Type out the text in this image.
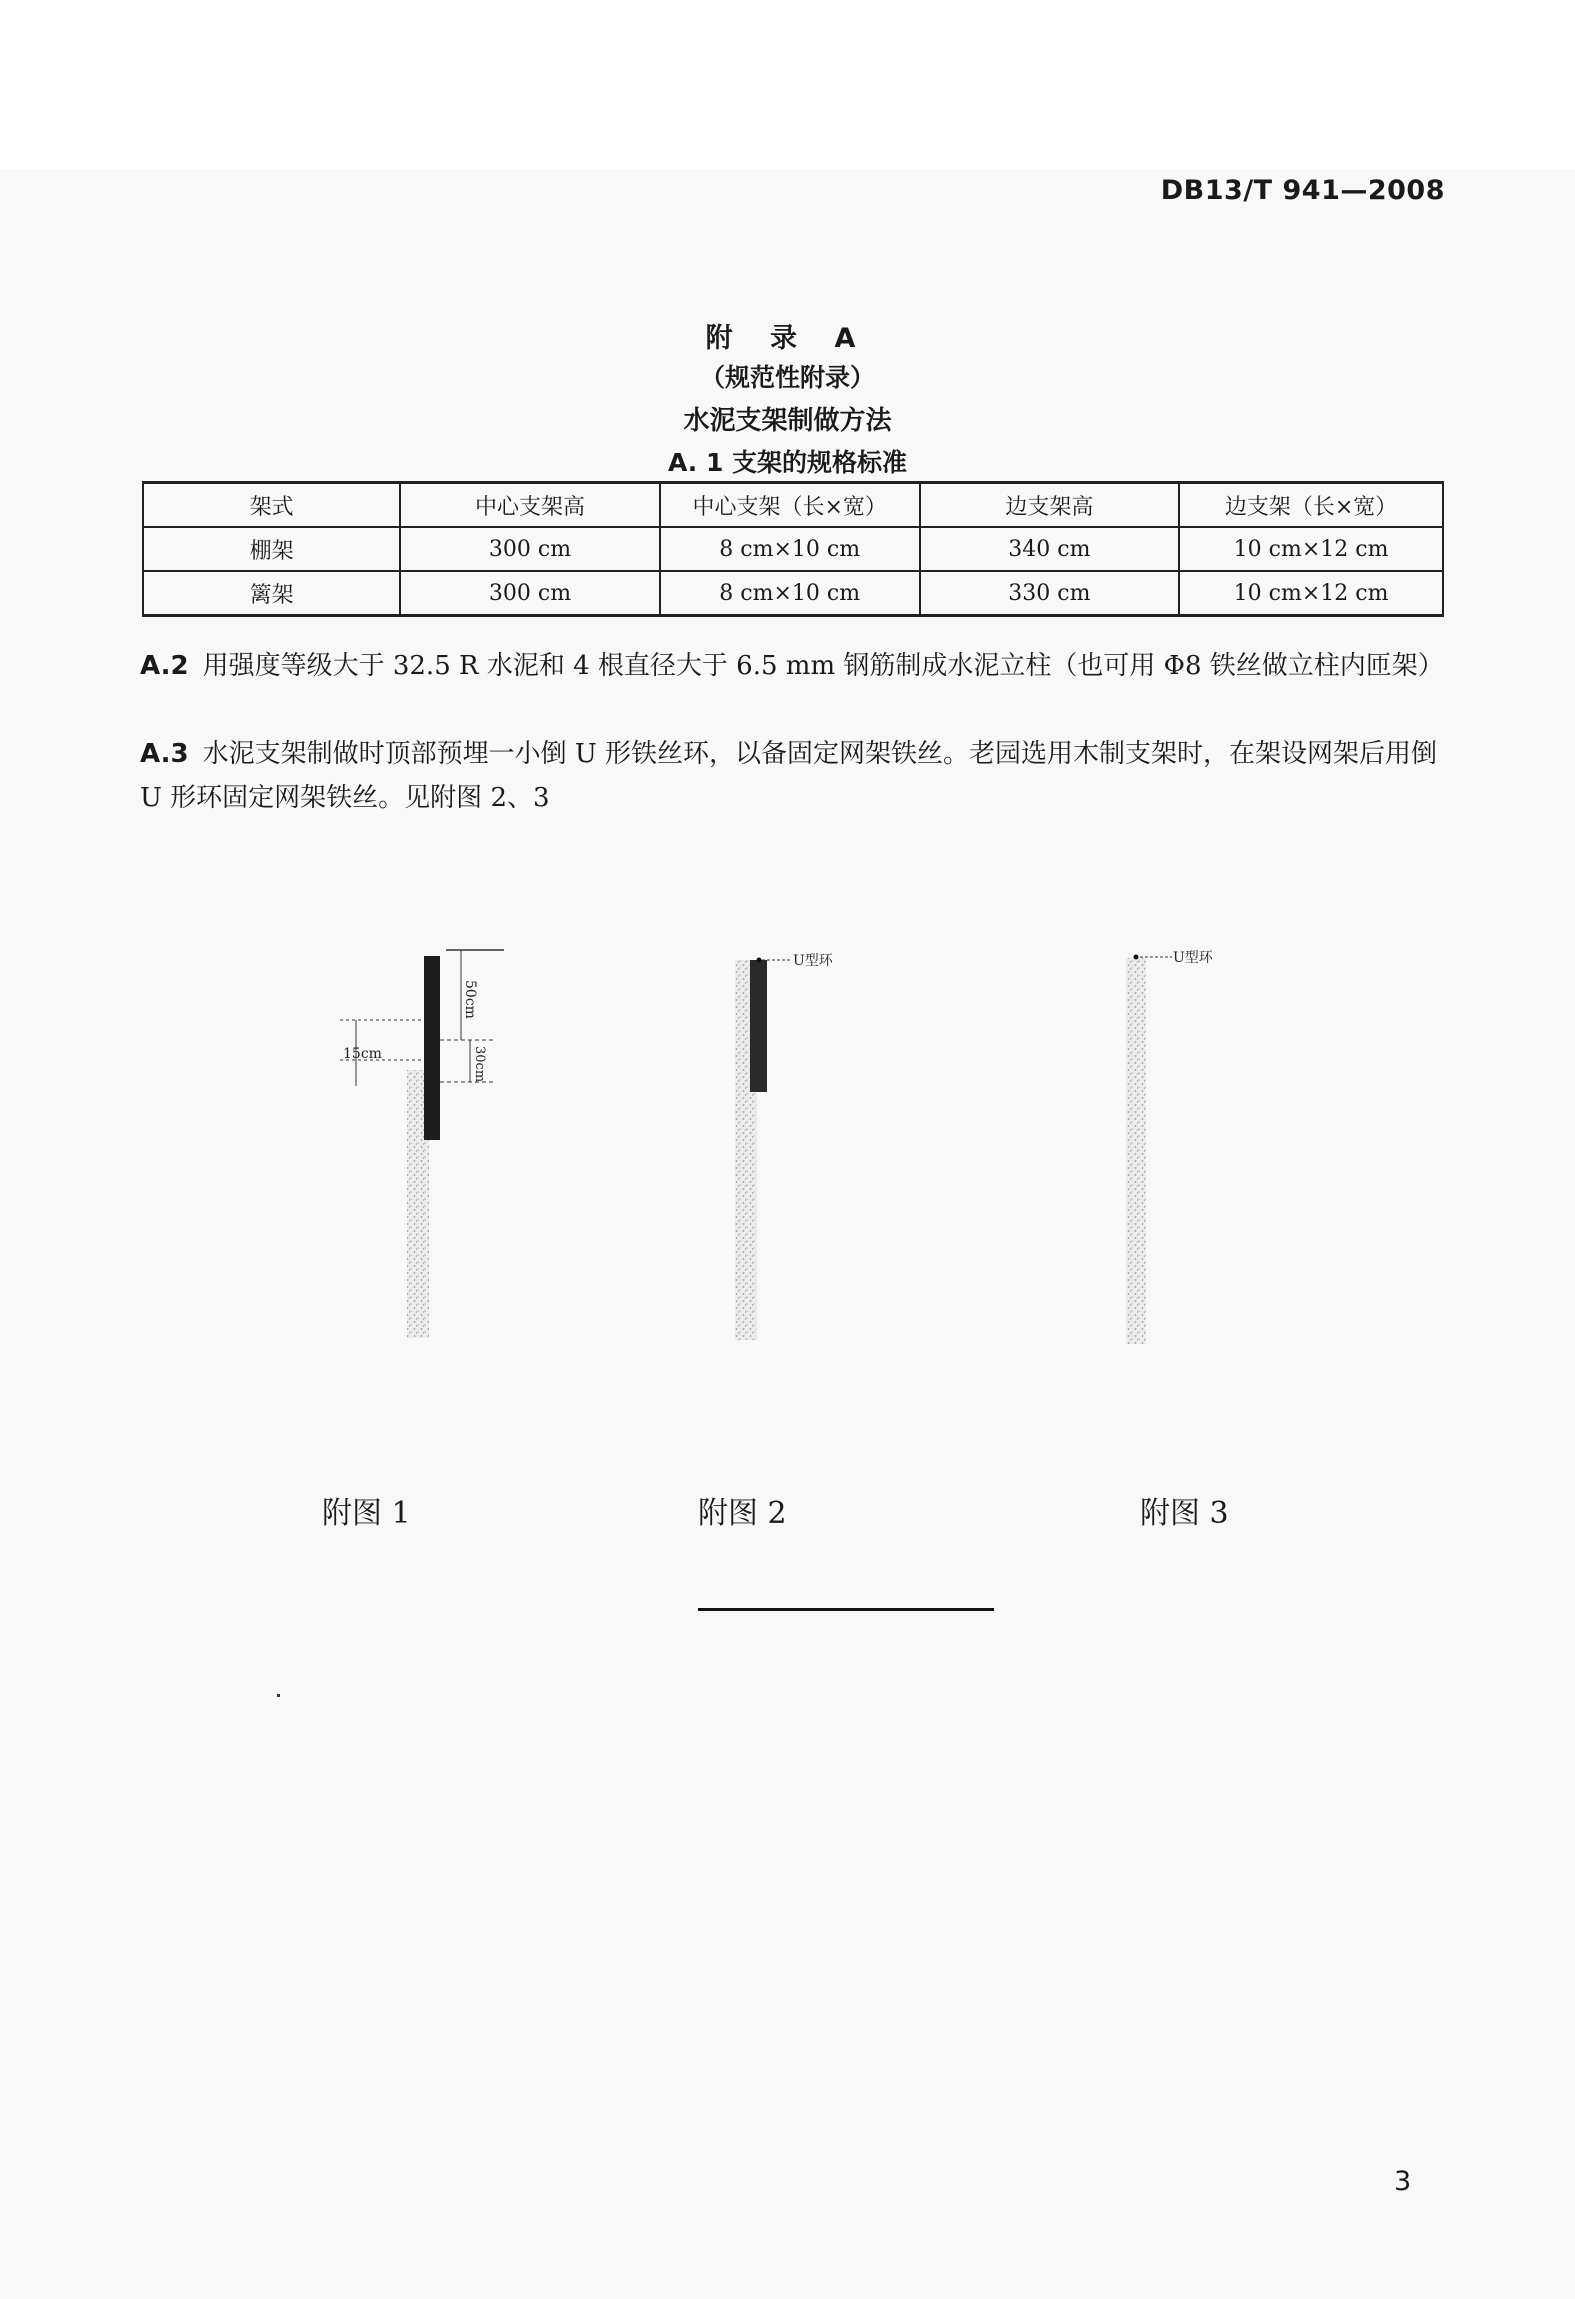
DB13/T 941—2008
附 录 A
（规范性附录）
水泥支架制做方法
A. 1 支架的规格标准
架式	中心支架高	中心支架（长×宽）	边支架高	边支架（长×宽）
棚架	300 cm	8 cm×10 cm	340 cm	10 cm×12 cm
篱架	300 cm	8 cm×10 cm	330 cm	10 cm×12 cm
A.2 用强度等级大于 32.5 R 水泥和 4 根直径大于 6.5 mm 钢筋制成水泥立柱（也可用 Φ8 铁丝做立柱内匝架）
A.3 水泥支架制做时顶部预埋一小倒 U 形铁丝环，以备固定网架铁丝。老园选用木制支架时，在架设网架后用倒 U 形环固定网架铁丝。见附图 2、3
50cm
30cm
15cm
U型环	U型环
附图 1	附图 2	附图 3
3
